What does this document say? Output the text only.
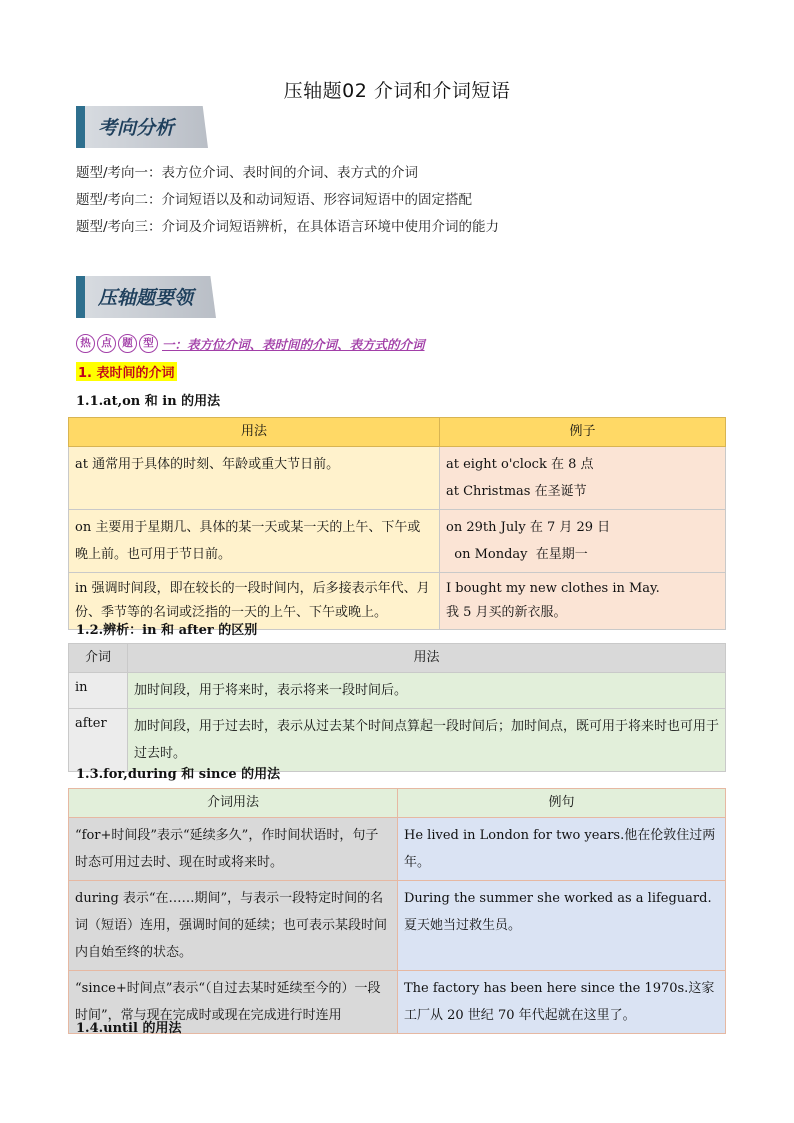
压轴题02 介词和介词短语
考向分析
题型/考向一：表方位介词、表时间的介词、表方式的介词
题型/考向二：介词短语以及和动词短语、形容词短语中的固定搭配
题型/考向三：介词及介词短语辨析，在具体语言环境中使用介词的能力
压轴题要领
热	点	题	型 一：表方位介词、表时间的介词、表方式的介词
1. 表时间的介词
1.1.at,on 和 in 的用法
用法	例子
at 通常用于具体的时刻、年龄或重大节日前。	at eight o'clock 在 8 点
at Christmas 在圣诞节

on 主要用于星期几、具体的某一天或某一天的上午、下午或晚上前。也可用于节日前。	on 29th July 在 7 月 29 日
on Monday  在星期一

in 强调时间段，即在较长的一段时间内，后多接表示年代、月份、季节等的名词或泛指的一天的上午、下午或晚上。	I bought my new clothes in May.
我 5 月买的新衣服。
1.2.辨析：in 和 after 的区别
介词	用法
in	加时间段，用于将来时，表示将来一段时间后。
after	加时间段，用于过去时，表示从过去某个时间点算起一段时间后；加时间点，既可用于将来时也可用于过去时。
1.3.for,during 和 since 的用法
介词用法	例句
“for+时间段”表示“延续多久”，作时间状语时，句子时态可用过去时、现在时或将来时。	He lived in London for two years.他在伦敦住过两年。
during 表示“在……期间”，与表示一段特定时间的名词（短语）连用，强调时间的延续；也可表示某段时间内自始至终的状态。	During the summer she worked as a lifeguard. 夏天她当过救生员。
“since+时间点”表示“（自过去某时延续至今的）一段时间”，常与现在完成时或现在完成进行时连用	The factory has been here since the 1970s.这家工厂从 20 世纪 70 年代起就在这里了。
1.4.until 的用法
